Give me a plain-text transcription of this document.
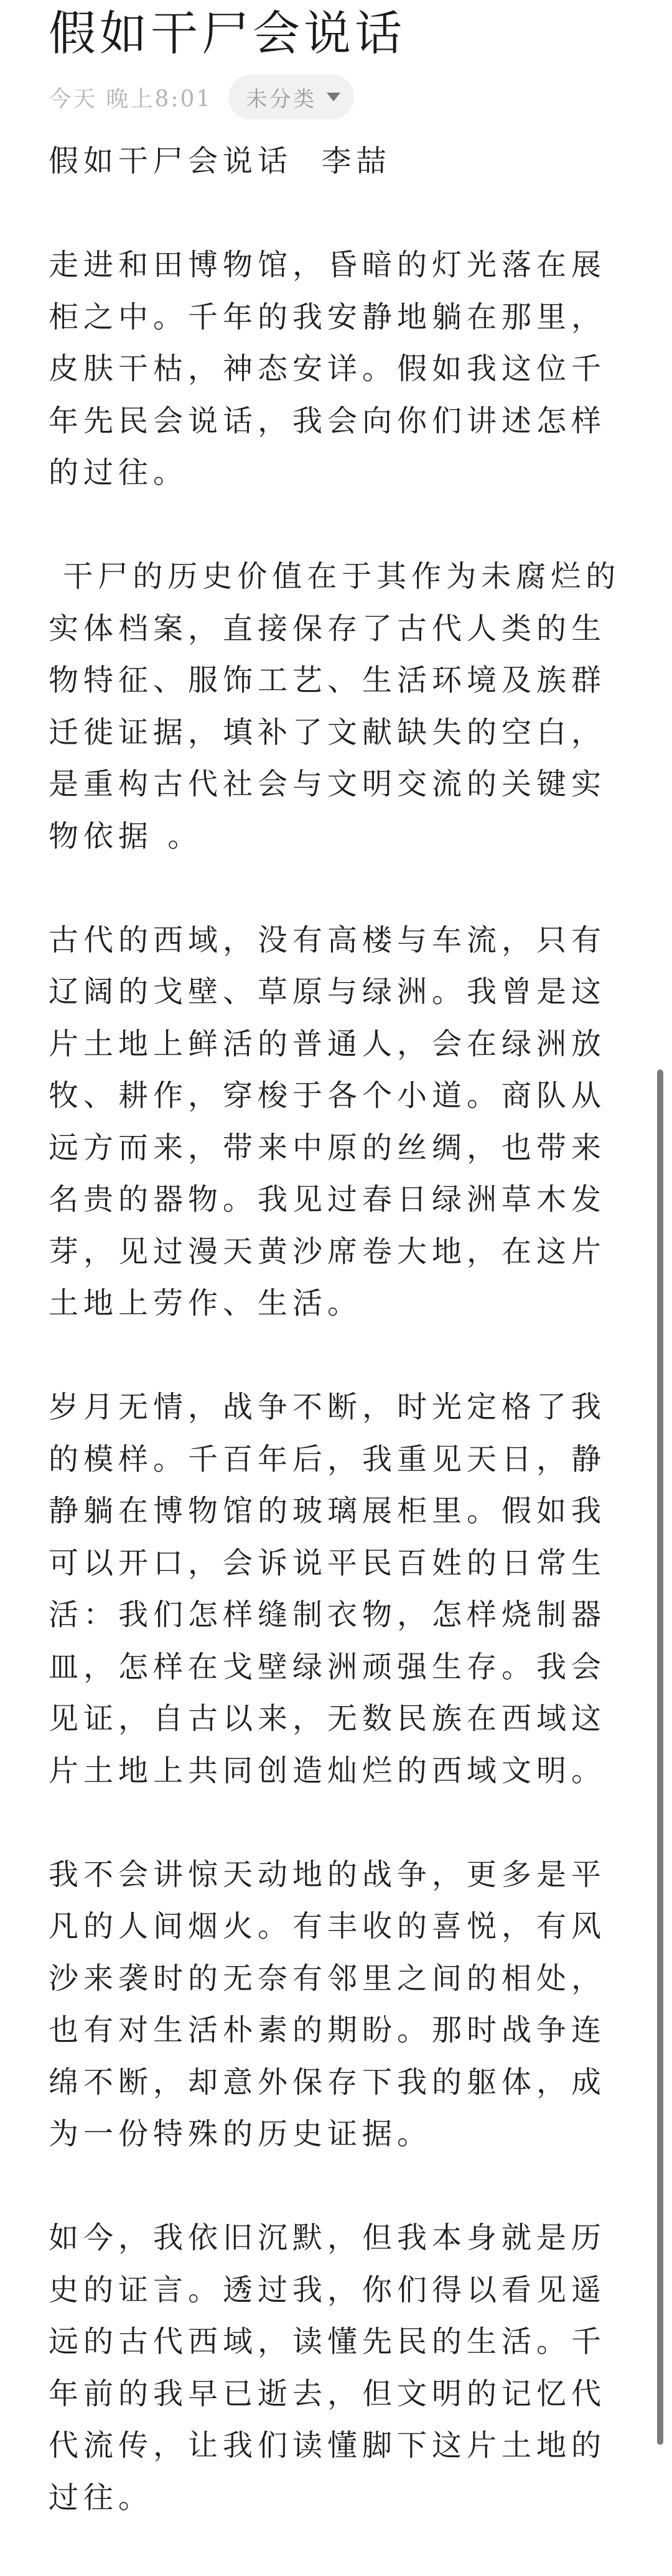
假如干尸会说话
今天 晚上8:01 未分类

假如干尸会说话  李喆

走进和田博物馆，昏暗的灯光落在展柜之中。千年的我安静地躺在那里，皮肤干枯，神态安详。假如我这位千年先民会说话，我会向你们讲述怎样的过往。

干尸的历史价值在于其作为未腐烂的实体档案，直接保存了古代人类的生物特征、服饰工艺、生活环境及族群迁徙证据，填补了文献缺失的空白，是重构古代社会与文明交流的关键实物依据 。

古代的西域，没有高楼与车流，只有辽阔的戈壁、草原与绿洲。我曾是这片土地上鲜活的普通人，会在绿洲放牧、耕作，穿梭于各个小道。商队从远方而来，带来中原的丝绸，也带来名贵的器物。我见过春日绿洲草木发芽，见过漫天黄沙席卷大地，在这片土地上劳作、生活。

岁月无情，战争不断，时光定格了我的模样。千百年后，我重见天日，静静躺在博物馆的玻璃展柜里。假如我可以开口，会诉说平民百姓的日常生活：我们怎样缝制衣物，怎样烧制器皿，怎样在戈壁绿洲顽强生存。我会见证，自古以来，无数民族在西域这片土地上共同创造灿烂的西域文明。

我不会讲惊天动地的战争，更多是平凡的人间烟火。有丰收的喜悦，有风沙来袭时的无奈有邻里之间的相处，也有对生活朴素的期盼。那时战争连绵不断，却意外保存下我的躯体，成为一份特殊的历史证据。

如今，我依旧沉默，但我本身就是历史的证言。透过我，你们得以看见遥远的古代西域，读懂先民的生活。千年前的我早已逝去，但文明的记忆代代流传，让我们读懂脚下这片土地的过往。
